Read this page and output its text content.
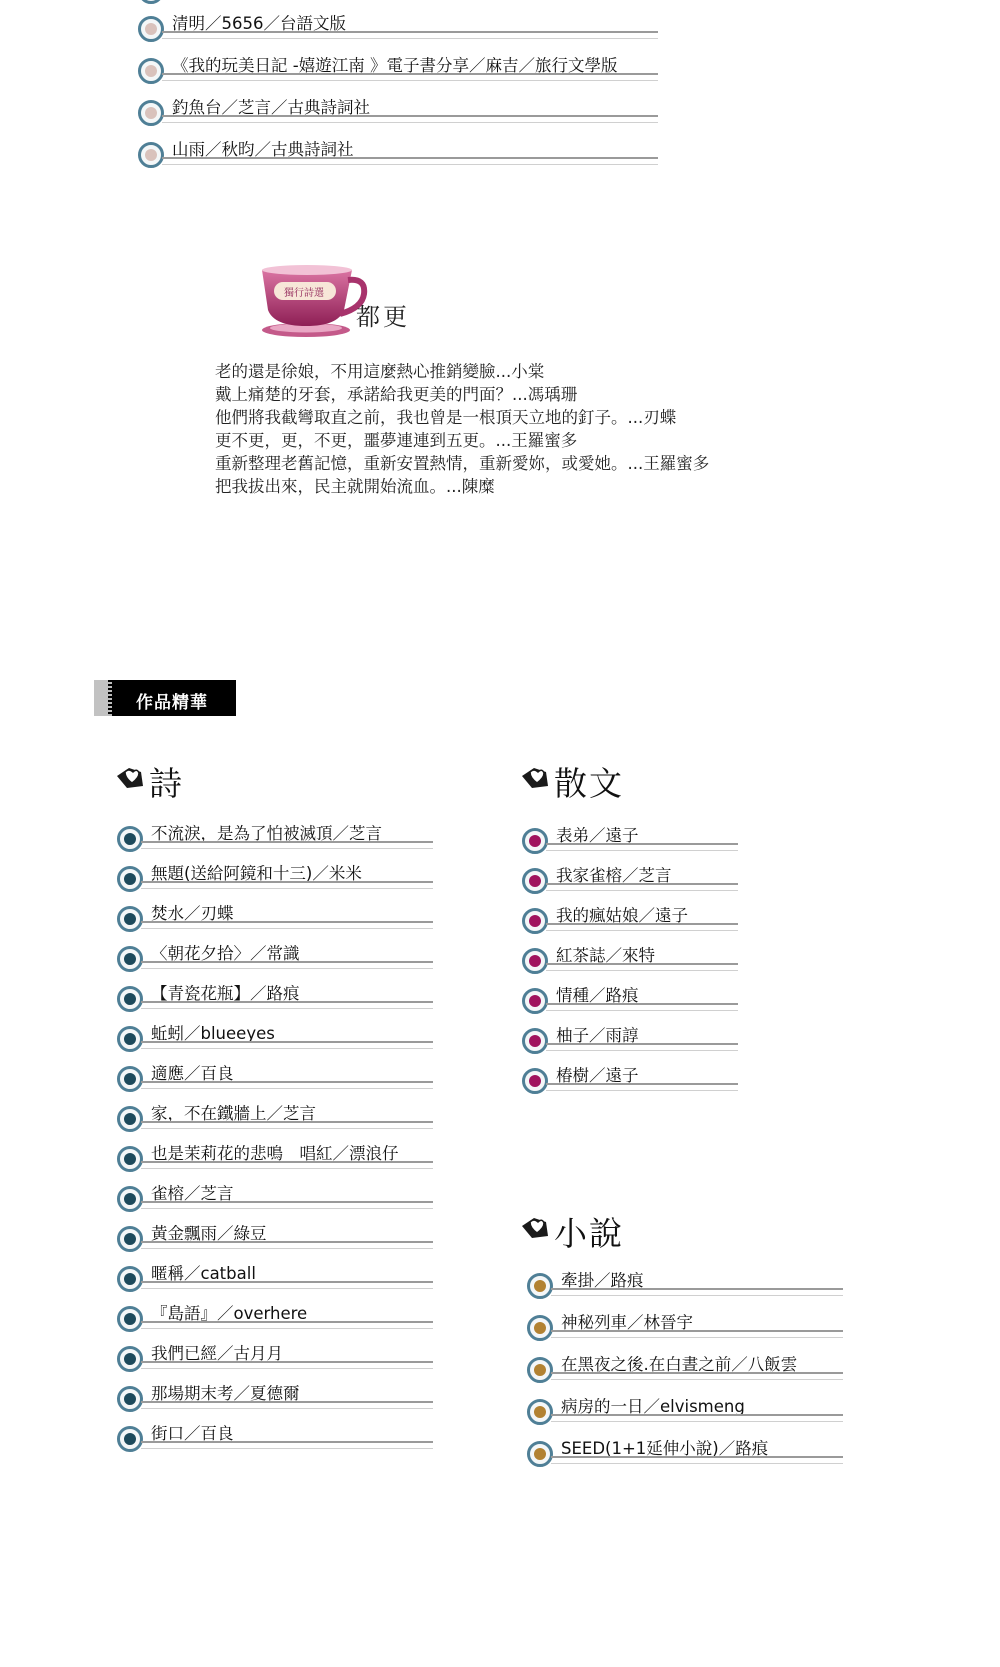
清明／5656／台語文版
《我的玩美日記 -嬉遊江南 》電子書分享／麻吉／旅行文學版
釣魚台／芝言／古典詩詞社
山雨／秋昀／古典詩詞社
獨行詩選
都更
老的還是徐娘，不用這麼熱心推銷變臉...小棠
戴上痛楚的牙套，承諾給我更美的門面？...馮瑀珊
他們將我截彎取直之前，我也曾是一根頂天立地的釘子。...刃蝶
更不更，更，不更，噩夢連連到五更。...王羅蜜多
重新整理老舊記憶，重新安置熱情，重新愛妳，或愛她。...王羅蜜多
把我拔出來，民主就開始流血。...陳糜
作品精華
詩
不流淚，是為了怕被滅頂／芝言
無題(送給阿鏡和十三)／米米
焚水／刃蝶
〈朝花夕拾〉／常識
【青瓷花瓶】／路痕
蚯蚓／blueeyes
適應／百良
家，不在鐵牆上／芝言
也是茉莉花的悲鳴__唱紅／漂浪仔
雀榕／芝言
黃金飄雨／綠豆
暱稱／catball
『島語』／overhere
我們已經／古月月
那場期末考／夏德爾
街口／百良
散文
表弟／遠子
我家雀榕／芝言
我的瘋姑娘／遠子
紅茶誌／來特
情種／路痕
柚子／雨諄
椿樹／遠子
小說
牽掛／路痕
神秘列車／林晉宇
在黑夜之後.在白晝之前／八飯雲
病房的一日／elvismeng
SEED(1+1延伸小說)／路痕
